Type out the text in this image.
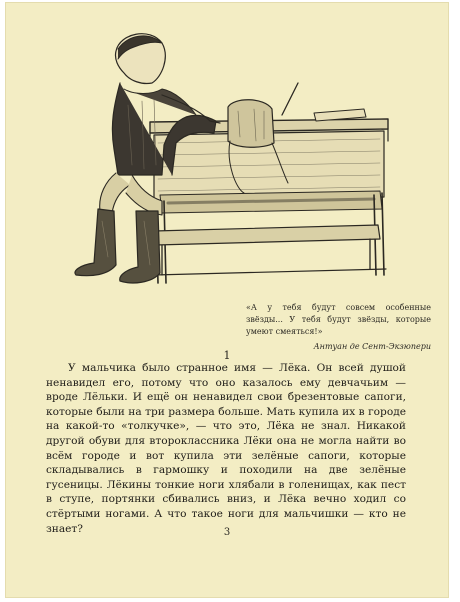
«А у тебя будут совсем особенные звёзды... У тебя будут звёзды, которые умеют смеяться!»

Антуан де Сент-Экзюпери
1

У мальчика было странное имя — Лёка. Он всей душой ненавидел его, потому что оно казалось ему девчачьим — вроде Лёльки. И ещё он ненавидел свои брезентовые сапоги, которые были на три размера больше. Мать купила их в городе на какой-то «толкучке», — что это, Лёка не знал. Никакой другой обуви для второклассника Лёки она не могла найти во всём городе и вот купила эти зелёные сапоги, которые складывались в гармошку и походили на две зелёные гусеницы. Лёкины тонкие ноги хлябали в голенищах, как пест в ступе, портянки сбивались вниз, и Лёка вечно ходил со стёртыми ногами. А что такое ноги для мальчишки — кто не знает?	3
